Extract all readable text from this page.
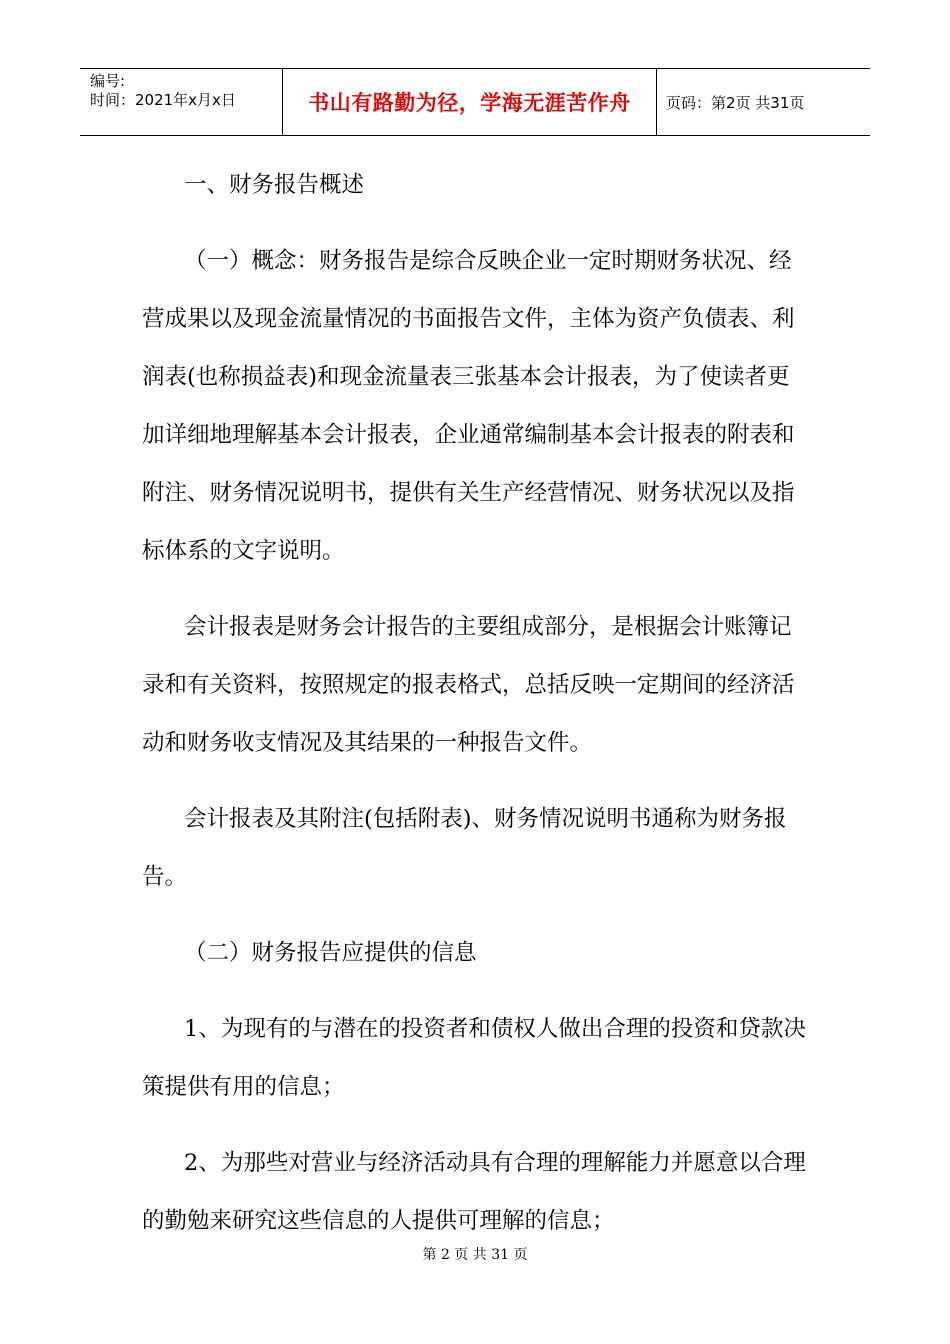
编号:
时间：2021年x月x日	书山有路勤为径，学海无涯苦作舟	页码：第2页 共31页

一、财务报告概述

（一）概念：财务报告是综合反映企业一定时期财务状况、经营成果以及现金流量情况的书面报告文件，主体为资产负债表、利润表(也称损益表)和现金流量表三张基本会计报表，为了使读者更加详细地理解基本会计报表，企业通常编制基本会计报表的附表和附注、财务情况说明书，提供有关生产经营情况、财务状况以及指标体系的文字说明。

会计报表是财务会计报告的主要组成部分，是根据会计账簿记录和有关资料，按照规定的报表格式，总括反映一定期间的经济活动和财务收支情况及其结果的一种报告文件。

会计报表及其附注(包括附表)、财务情况说明书通称为财务报告。

（二）财务报告应提供的信息

1、为现有的与潜在的投资者和债权人做出合理的投资和贷款决策提供有用的信息；

2、为那些对营业与经济活动具有合理的理解能力并愿意以合理的勤勉来研究这些信息的人提供可理解的信息；

第 2 页 共 31 页
